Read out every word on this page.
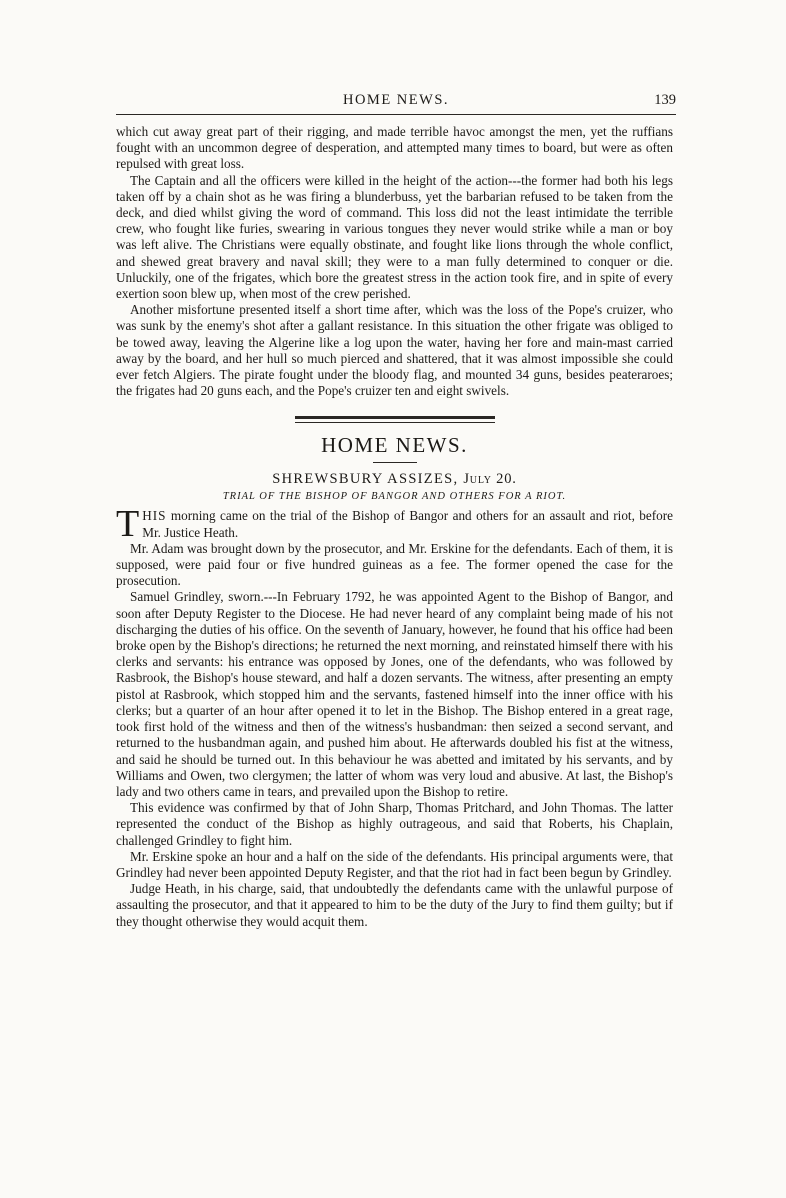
HOME NEWS.	139

which cut away great part of their rigging, and made terrible havoc amongst the men, yet the ruffians fought with an uncommon degree of desperation, and attempted many times to board, but were as often repulsed with great loss.

The Captain and all the officers were killed in the height of the action---the former had both his legs taken off by a chain shot as he was firing a blunderbuss, yet the barbarian refused to be taken from the deck, and died whilst giving the word of command. This loss did not the least intimidate the terrible crew, who fought like furies, swearing in various tongues they never would strike while a man or boy was left alive. The Christians were equally obstinate, and fought like lions through the whole conflict, and shewed great bravery and naval skill; they were to a man fully determined to conquer or die. Unluckily, one of the frigates, which bore the greatest stress in the action took fire, and in spite of every exertion soon blew up, when most of the crew perished.

Another misfortune presented itself a short time after, which was the loss of the Pope's cruizer, who was sunk by the enemy's shot after a gallant resistance. In this situation the other frigate was obliged to be towed away, leaving the Algerine like a log upon the water, having her fore and main-mast carried away by the board, and her hull so much pierced and shattered, that it was almost impossible she could ever fetch Algiers. The pirate fought under the bloody flag, and mounted 34 guns, besides peateraroes; the frigates had 20 guns each, and the Pope's cruizer ten and eight swivels.

HOME NEWS.
SHREWSBURY ASSIZES, July 20.
TRIAL OF THE BISHOP OF BANGOR AND OTHERS FOR A RIOT.

THIS morning came on the trial of the Bishop of Bangor and others for an assault and riot, before Mr. Justice Heath.

Mr. Adam was brought down by the prosecutor, and Mr. Erskine for the defendants. Each of them, it is supposed, were paid four or five hundred guineas as a fee. The former opened the case for the prosecution.

Samuel Grindley, sworn.---In February 1792, he was appointed Agent to the Bishop of Bangor, and soon after Deputy Register to the Diocese. He had never heard of any complaint being made of his not discharging the duties of his office. On the seventh of January, however, he found that his office had been broke open by the Bishop's directions; he returned the next morning, and reinstated himself there with his clerks and servants: his entrance was opposed by Jones, one of the defendants, who was followed by Rasbrook, the Bishop's house steward, and half a dozen servants. The witness, after presenting an empty pistol at Rasbrook, which stopped him and the servants, fastened himself into the inner office with his clerks; but a quarter of an hour after opened it to let in the Bishop. The Bishop entered in a great rage, took first hold of the witness and then of the witness's husbandman: then seized a second servant, and returned to the husbandman again, and pushed him about. He afterwards doubled his fist at the witness, and said he should be turned out. In this behaviour he was abetted and imitated by his servants, and by Williams and Owen, two clergymen; the latter of whom was very loud and abusive. At last, the Bishop's lady and two others came in tears, and prevailed upon the Bishop to retire.

This evidence was confirmed by that of John Sharp, Thomas Pritchard, and John Thomas. The latter represented the conduct of the Bishop as highly outrageous, and said that Roberts, his Chaplain, challenged Grindley to fight him.

Mr. Erskine spoke an hour and a half on the side of the defendants. His principal arguments were, that Grindley had never been appointed Deputy Register, and that the riot had in fact been begun by Grindley.

Judge Heath, in his charge, said, that undoubtedly the defendants came with the unlawful purpose of assaulting the prosecutor, and that it appeared to him to be the duty of the Jury to find them guilty; but if they thought otherwise they would acquit them.
